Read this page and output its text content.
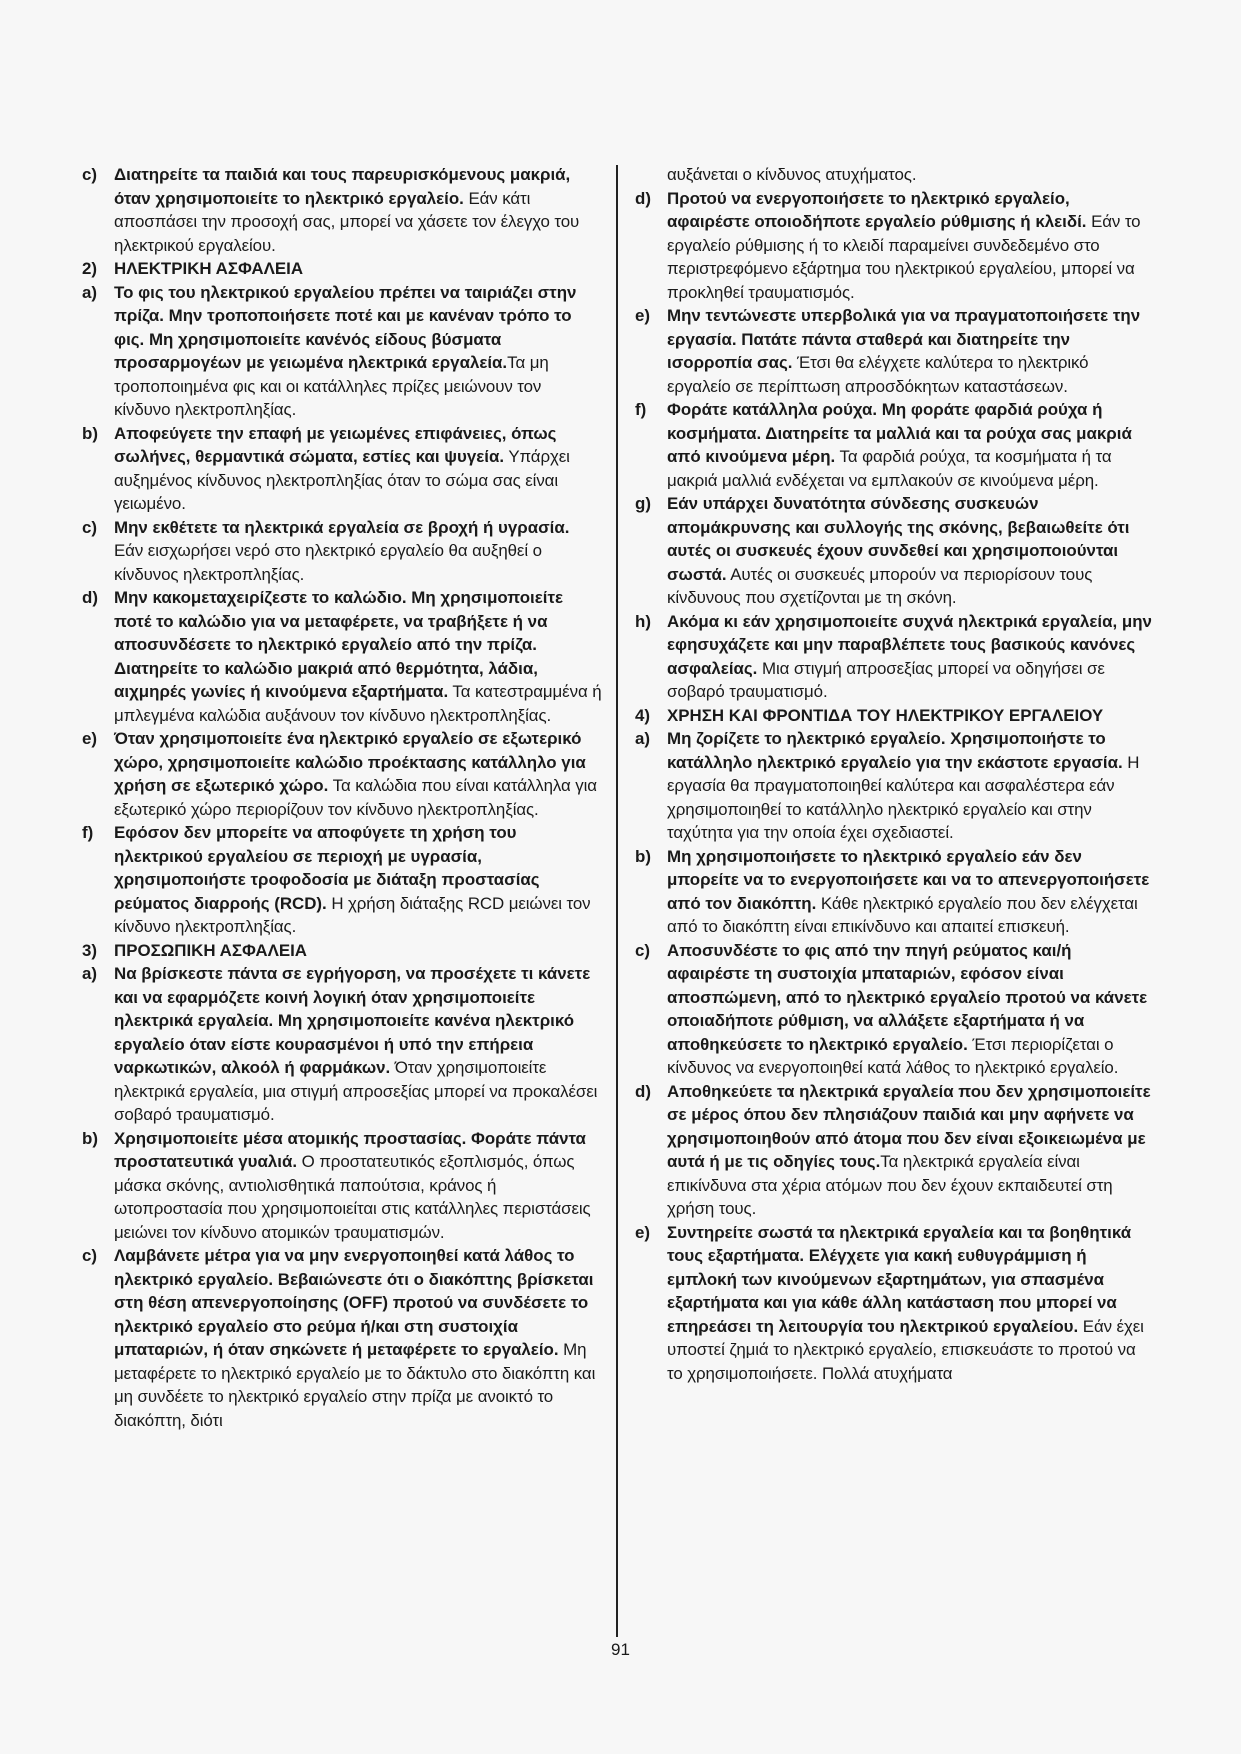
c) Διατηρείτε τα παιδιά και τους παρευρισκόμενους μακριά, όταν χρησιμοποιείτε το ηλεκτρικό εργαλείο. Εάν κάτι αποσπάσει την προσοχή σας, μπορεί να χάσετε τον έλεγχο του ηλεκτρικού εργαλείου.
2) ΗΛΕΚΤΡΙΚΗ ΑΣΦΑΛΕΙΑ
a) Το φις του ηλεκτρικού εργαλείου πρέπει να ταιριάζει στην πρίζα. Μην τροποποιήσετε ποτέ και με κανέναν τρόπο το φις. Μη χρησιμοποιείτε κανένός είδους βύσματα προσαρμογέων με γειωμένα ηλεκτρικά εργαλεία.Τα μη τροποποιημένα φις και οι κατάλληλες πρίζες μειώνουν τον κίνδυνο ηλεκτροπληξίας.
b) Αποφεύγετε την επαφή με γειωμένες επιφάνειες, όπως σωλήνες, θερμαντικά σώματα, εστίες και ψυγεία. Υπάρχει αυξημένος κίνδυνος ηλεκτροπληξίας όταν το σώμα σας είναι γειωμένο.
c) Μην εκθέτετε τα ηλεκτρικά εργαλεία σε βροχή ή υγρασία. Εάν εισχωρήσει νερό στο ηλεκτρικό εργαλείο θα αυξηθεί ο κίνδυνος ηλεκτροπληξίας.
d) Μην κακομεταχειρίζεστε το καλώδιο. Μη χρησιμοποιείτε ποτέ το καλώδιο για να μεταφέρετε, να τραβήξετε ή να αποσυνδέσετε το ηλεκτρικό εργαλείο από την πρίζα. Διατηρείτε το καλώδιο μακριά από θερμότητα, λάδια, αιχμηρές γωνίες ή κινούμενα εξαρτήματα. Τα κατεστραμμένα ή μπλεγμένα καλώδια αυξάνουν τον κίνδυνο ηλεκτροπληξίας.
e) Όταν χρησιμοποιείτε ένα ηλεκτρικό εργαλείο σε εξωτερικό χώρο, χρησιμοποιείτε καλώδιο προέκτασης κατάλληλο για χρήση σε εξωτερικό χώρο. Τα καλώδια που είναι κατάλληλα για εξωτερικό χώρο περιορίζουν τον κίνδυνο ηλεκτροπληξίας.
f) Εφόσον δεν μπορείτε να αποφύγετε τη χρήση του ηλεκτρικού εργαλείου σε περιοχή με υγρασία, χρησιμοποιήστε τροφοδοσία με διάταξη προστασίας ρεύματος διαρροής (RCD). Η χρήση διάταξης RCD μειώνει τον κίνδυνο ηλεκτροπληξίας.
3) ΠΡΟΣΩΠΙΚΗ ΑΣΦΑΛΕΙΑ
a) Να βρίσκεστε πάντα σε εγρήγορση, να προσέχετε τι κάνετε και να εφαρμόζετε κοινή λογική όταν χρησιμοποιείτε ηλεκτρικά εργαλεία. Μη χρησιμοποιείτε κανένα ηλεκτρικό εργαλείο όταν είστε κουρασμένοι ή υπό την επήρεια ναρκωτικών, αλκοόλ ή φαρμάκων. Όταν χρησιμοποιείτε ηλεκτρικά εργαλεία, μια στιγμή απροσεξίας μπορεί να προκαλέσει σοβαρό τραυματισμό.
b) Χρησιμοποιείτε μέσα ατομικής προστασίας. Φοράτε πάντα προστατευτικά γυαλιά. Ο προστατευτικός εξοπλισμός, όπως μάσκα σκόνης, αντιολισθητικά παπούτσια, κράνος ή ωτοπροστασία που χρησιμοποιείται στις κατάλληλες περιστάσεις μειώνει τον κίνδυνο ατομικών τραυματισμών.
c) Λαμβάνετε μέτρα για να μην ενεργοποιηθεί κατά λάθος το ηλεκτρικό εργαλείο. Βεβαιώνεστε ότι ο διακόπτης βρίσκεται στη θέση απενεργοποίησης (OFF) προτού να συνδέσετε το ηλεκτρικό εργαλείο στο ρεύμα ή/και στη συστοιχία μπαταριών, ή όταν σηκώνετε ή μεταφέρετε το εργαλείο. Μη μεταφέρετε το ηλεκτρικό εργαλείο με το δάκτυλο στο διακόπτη και μη συνδέετε το ηλεκτρικό εργαλείο στην πρίζα με ανοικτό το διακόπτη, διότι
αυξάνεται ο κίνδυνος ατυχήματος.
d) Προτού να ενεργοποιήσετε το ηλεκτρικό εργαλείο, αφαιρέστε οποιοδήποτε εργαλείο ρύθμισης ή κλειδί. Εάν το εργαλείο ρύθμισης ή το κλειδί παραμείνει συνδεδεμένο στο περιστρεφόμενο εξάρτημα του ηλεκτρικού εργαλείου, μπορεί να προκληθεί τραυματισμός.
e) Μην τεντώνεστε υπερβολικά για να πραγματοποιήσετε την εργασία. Πατάτε πάντα σταθερά και διατηρείτε την ισορροπία σας. Έτσι θα ελέγχετε καλύτερα το ηλεκτρικό εργαλείο σε περίπτωση απροσδόκητων καταστάσεων.
f) Φοράτε κατάλληλα ρούχα. Μη φοράτε φαρδιά ρούχα ή κοσμήματα. Διατηρείτε τα μαλλιά και τα ρούχα σας μακριά από κινούμενα μέρη. Τα φαρδιά ρούχα, τα κοσμήματα ή τα μακριά μαλλιά ενδέχεται να εμπλακούν σε κινούμενα μέρη.
g) Εάν υπάρχει δυνατότητα σύνδεσης συσκευών απομάκρυνσης και συλλογής της σκόνης, βεβαιωθείτε ότι αυτές οι συσκευές έχουν συνδεθεί και χρησιμοποιούνται σωστά. Αυτές οι συσκευές μπορούν να περιορίσουν τους κίνδυνους που σχετίζονται με τη σκόνη.
h) Ακόμα κι εάν χρησιμοποιείτε συχνά ηλεκτρικά εργαλεία, μην εφησυχάζετε και μην παραβλέπετε τους βασικούς κανόνες ασφαλείας. Μια στιγμή απροσεξίας μπορεί να οδηγήσει σε σοβαρό τραυματισμό.
4) ΧΡΗΣΗ ΚΑΙ ΦΡΟΝΤΙΔΑ ΤΟΥ ΗΛΕΚΤΡΙΚΟΥ ΕΡΓΑΛΕΙΟΥ
a) Μη ζορίζετε το ηλεκτρικό εργαλείο. Χρησιμοποιήστε το κατάλληλο ηλεκτρικό εργαλείο για την εκάστοτε εργασία. Η εργασία θα πραγματοποιηθεί καλύτερα και ασφαλέστερα εάν χρησιμοποιηθεί το κατάλληλο ηλεκτρικό εργαλείο και στην ταχύτητα για την οποία έχει σχεδιαστεί.
b) Μη χρησιμοποιήσετε το ηλεκτρικό εργαλείο εάν δεν μπορείτε να το ενεργοποιήσετε και να το απενεργοποιήσετε από τον διακόπτη. Κάθε ηλεκτρικό εργαλείο που δεν ελέγχεται από το διακόπτη είναι επικίνδυνο και απαιτεί επισκευή.
c) Αποσυνδέστε το φις από την πηγή ρεύματος και/ή αφαιρέστε τη συστοιχία μπαταριών, εφόσον είναι αποσπώμενη, από το ηλεκτρικό εργαλείο προτού να κάνετε οποιαδήποτε ρύθμιση, να αλλάξετε εξαρτήματα ή να αποθηκεύσετε το ηλεκτρικό εργαλείο. Έτσι περιορίζεται ο κίνδυνος να ενεργοποιηθεί κατά λάθος το ηλεκτρικό εργαλείο.
d) Αποθηκεύετε τα ηλεκτρικά εργαλεία που δεν χρησιμοποιείτε σε μέρος όπου δεν πλησιάζουν παιδιά και μην αφήνετε να χρησιμοποιηθούν από άτομα που δεν είναι εξοικειωμένα με αυτά ή με τις οδηγίες τους.Τα ηλεκτρικά εργαλεία είναι επικίνδυνα στα χέρια ατόμων που δεν έχουν εκπαιδευτεί στη χρήση τους.
e) Συντηρείτε σωστά τα ηλεκτρικά εργαλεία και τα βοηθητικά τους εξαρτήματα. Ελέγχετε για κακή ευθυγράμμιση ή εμπλοκή των κινούμενων εξαρτημάτων, για σπασμένα εξαρτήματα και για κάθε άλλη κατάσταση που μπορεί να επηρεάσει τη λειτουργία του ηλεκτρικού εργαλείου. Εάν έχει υποστεί ζημιά το ηλεκτρικό εργαλείο, επισκευάστε το προτού να το χρησιμοποιήσετε. Πολλά ατυχήματα
91
